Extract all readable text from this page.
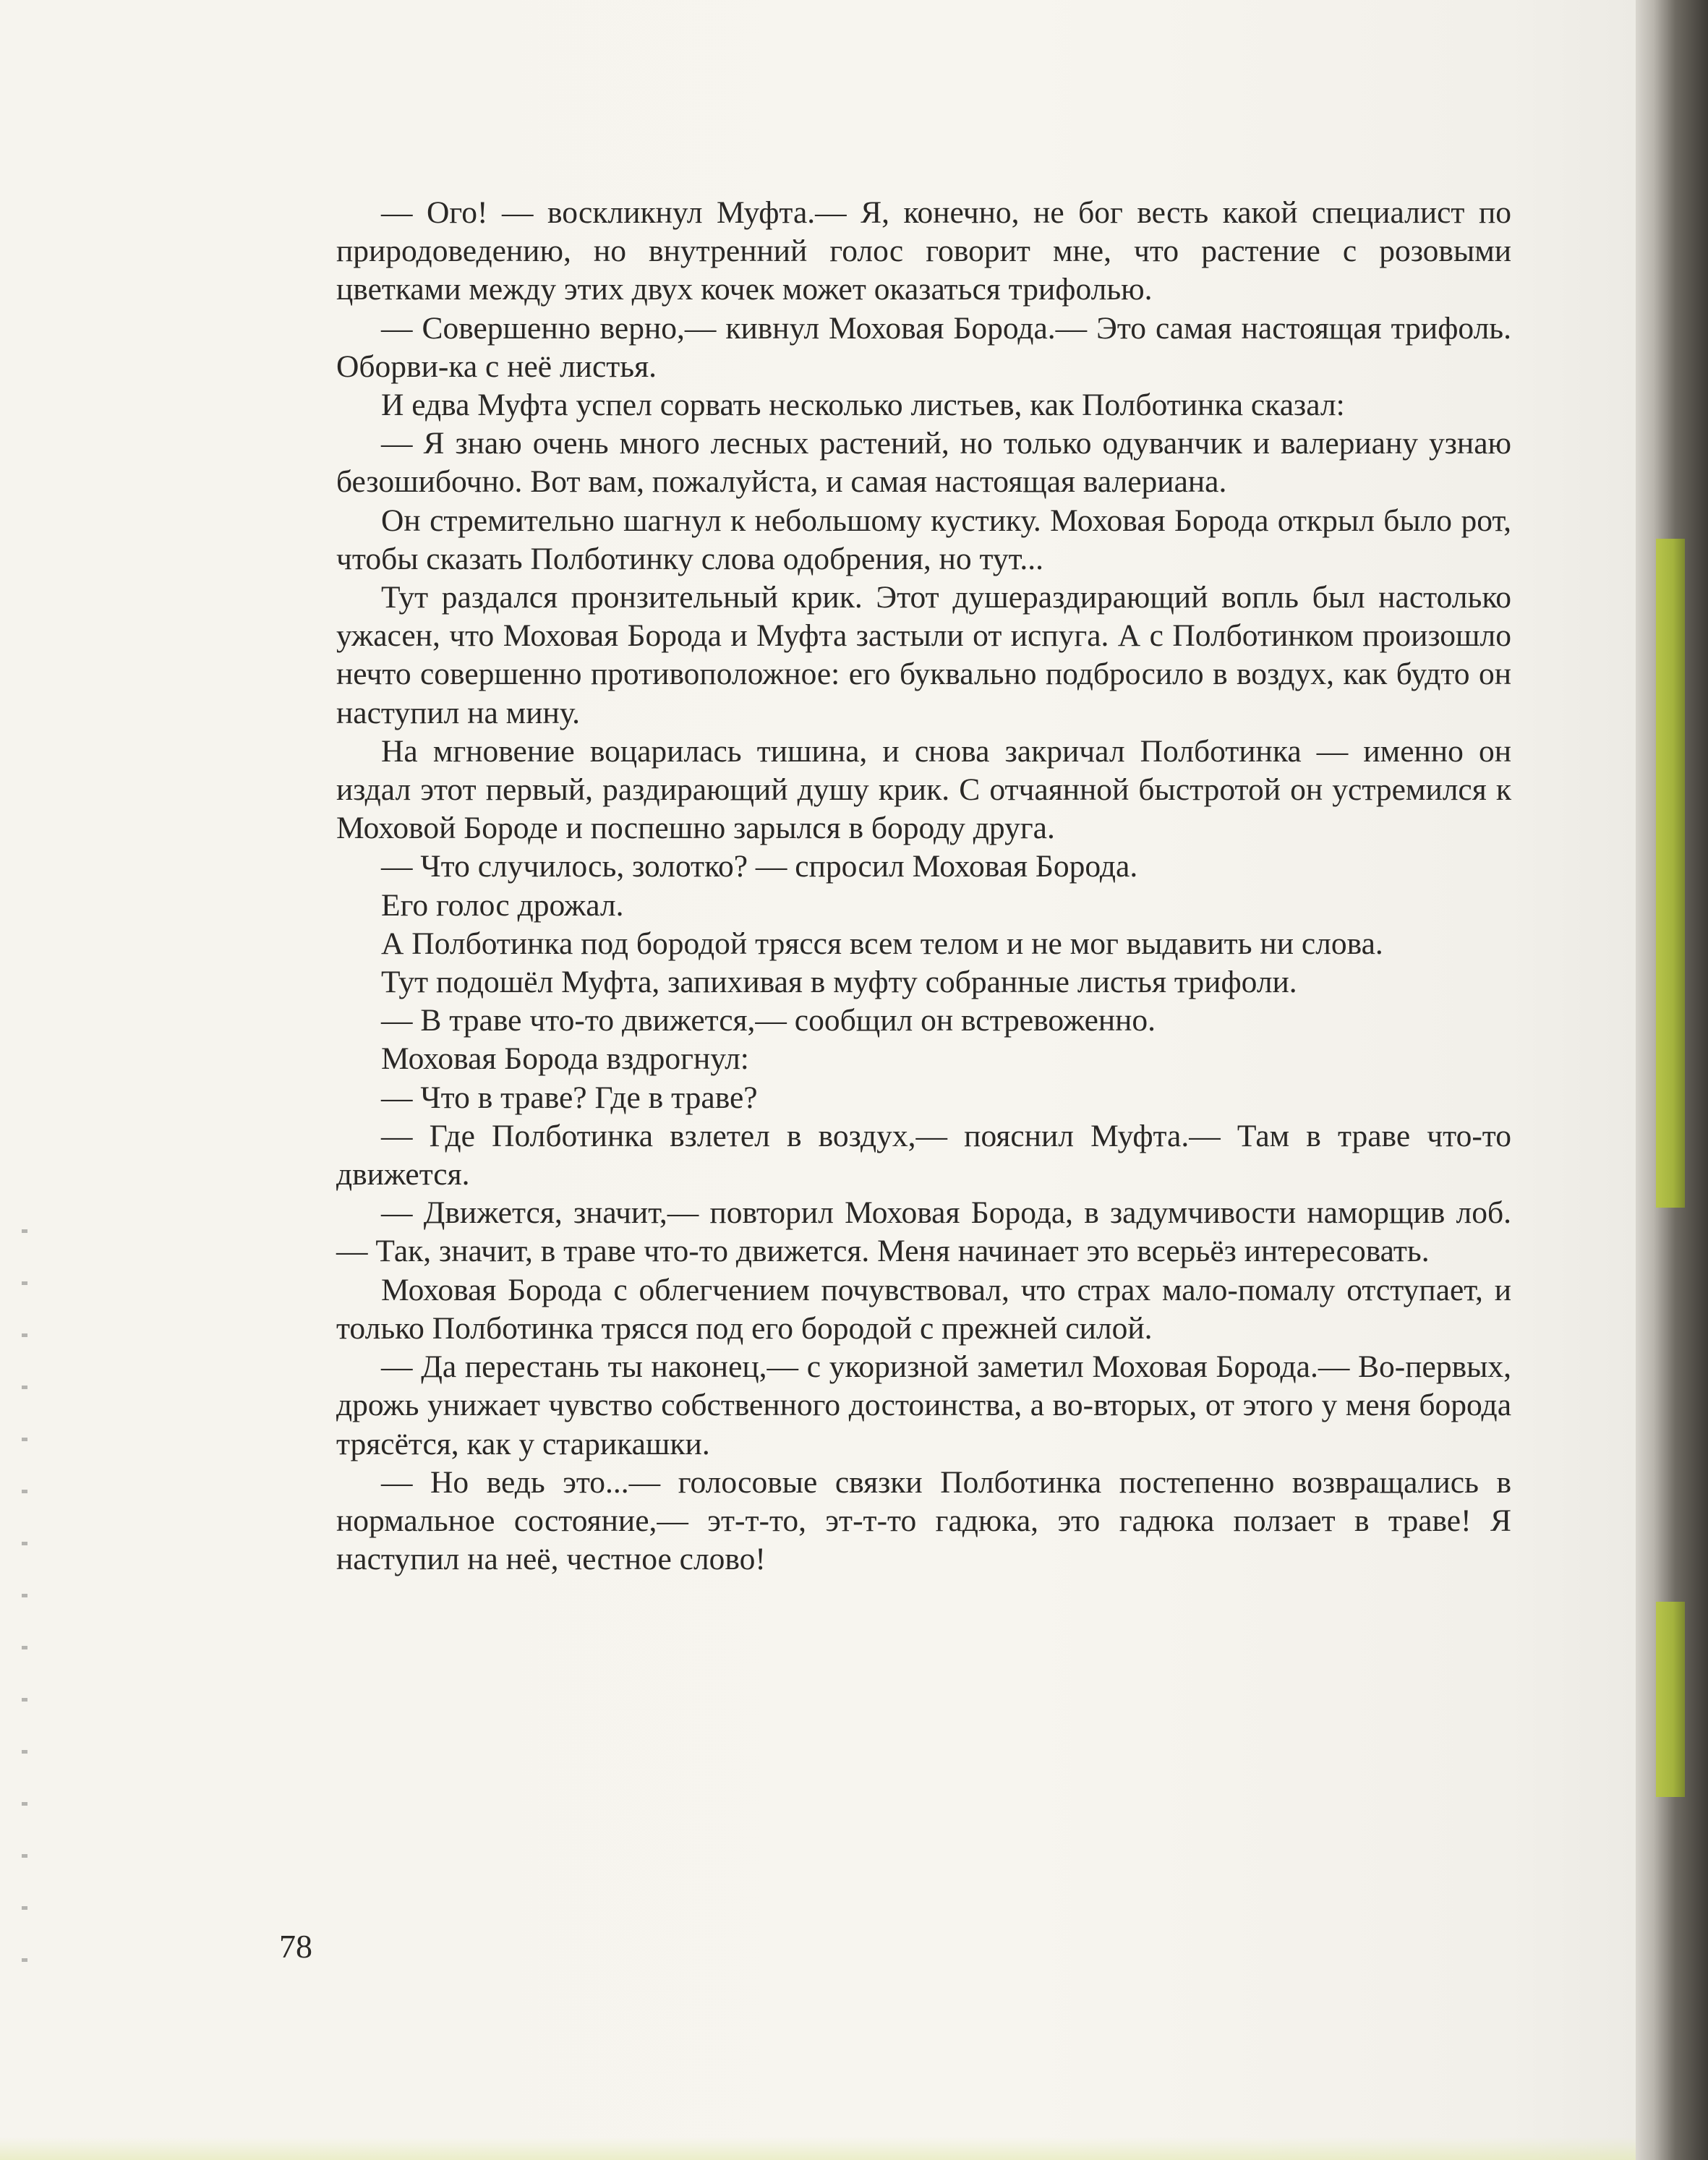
— Ого! — воскликнул Муфта.— Я, конечно, не бог весть какой специалист по природоведению, но внутренний голос говорит мне, что растение с розовыми цветками между этих двух кочек может оказаться трифолью.

— Совершенно верно,— кивнул Моховая Борода.— Это самая настоящая трифоль. Оборви-ка с неё листья.

И едва Муфта успел сорвать несколько листьев, как Полботинка сказал:

— Я знаю очень много лесных растений, но только одуванчик и валериану узнаю безошибочно. Вот вам, пожалуйста, и самая настоящая валериана.

Он стремительно шагнул к небольшому кустику. Моховая Борода открыл было рот, чтобы сказать Полботинку слова одобрения, но тут...

Тут раздался пронзительный крик. Этот душераздирающий вопль был настолько ужасен, что Моховая Борода и Муфта застыли от испуга. А с Полботинком произошло нечто совершенно противоположное: его буквально подбросило в воздух, как будто он наступил на мину.

На мгновение воцарилась тишина, и снова закричал Полботинка — именно он издал этот первый, раздирающий душу крик. С отчаянной быстротой он устремился к Моховой Бороде и поспешно зарылся в бороду друга.

— Что случилось, золотко? — спросил Моховая Борода.

Его голос дрожал.

А Полботинка под бородой трясся всем телом и не мог выдавить ни слова.

Тут подошёл Муфта, запихивая в муфту собранные листья трифоли.

— В траве что-то движется,— сообщил он встревоженно.

Моховая Борода вздрогнул:

— Что в траве? Где в траве?

— Где Полботинка взлетел в воздух,— пояснил Муфта.— Там в траве что-то движется.

— Движется, значит,— повторил Моховая Борода, в задумчивости наморщив лоб.— Так, значит, в траве что-то движется. Меня начинает это всерьёз интересовать.

Моховая Борода с облегчением почувствовал, что страх мало-помалу отступает, и только Полботинка трясся под его бородой с прежней силой.

— Да перестань ты наконец,— с укоризной заметил Моховая Борода.— Во-первых, дрожь унижает чувство собственного достоинства, а во-вторых, от этого у меня борода трясётся, как у старикашки.

— Но ведь это...— голосовые связки Полботинка постепенно возвращались в нормальное состояние,— эт-т-то, эт-т-то гадюка, это гадюка ползает в траве! Я наступил на неё, честное слово!

78
